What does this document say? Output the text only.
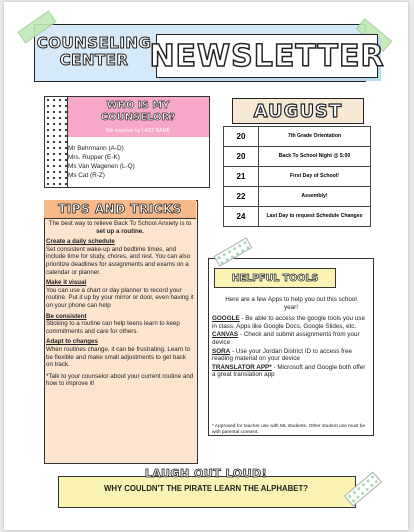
COUNSELING
CENTER NEWSLETTER
WHO IS MY
COUNSELOR?
We organize by LAST NAME
Mr Behrmann (A-D)
Mrs. Rupper (E-K)
Ms Van Wagenen (L-Q)
Ms Cat (R-Z)
AUGUST
20	7th Grade Orientation
20	Back To School Night @ 5:00
21	First Day of School!
22	Assembly!
24	Last Day to request Schedule Changes
TIPS AND TRICKS

The best way to relieve Back To School Anxiety is to set up a routine.

Create a daily schedule

Set consistent wake-up and bedtime times, and include time for study, chores, and rest. You can also prioritize deadlines for assignments and exams on a calendar or planner.

Make it visual

You can use a chart or day planner to record your routine. Put it up by your mirror or door, even having it on your phone can help

Be consistent

Sticking to a routine can help teens learn to keep commitments and care for others.

Adapt to changes

When routines change, it can be frustrating. Learn to be flexible and make small adjustments to get back on track.

*Talk to your counselor about your current routine and how to improve it!

HELPFUL TOOLS

Here are a few Apps to help you out this school year!

GOOGLE - Be able to access the google tools you use in class. Apps like Google Docs, Google Slides, etc.

CANVAS - Check and submit assignments from your device

SORA - Use your Jordan District ID to access free reading material on your device

TRANSLATOR APP* - Microsoft and Google both offer a great translation app

* Approved for teacher use with ML students. Other student use must be with parental consent.
LAUGH OUT LOUD!
WHY COULDN'T THE PIRATE LEARN THE ALPHABET?
